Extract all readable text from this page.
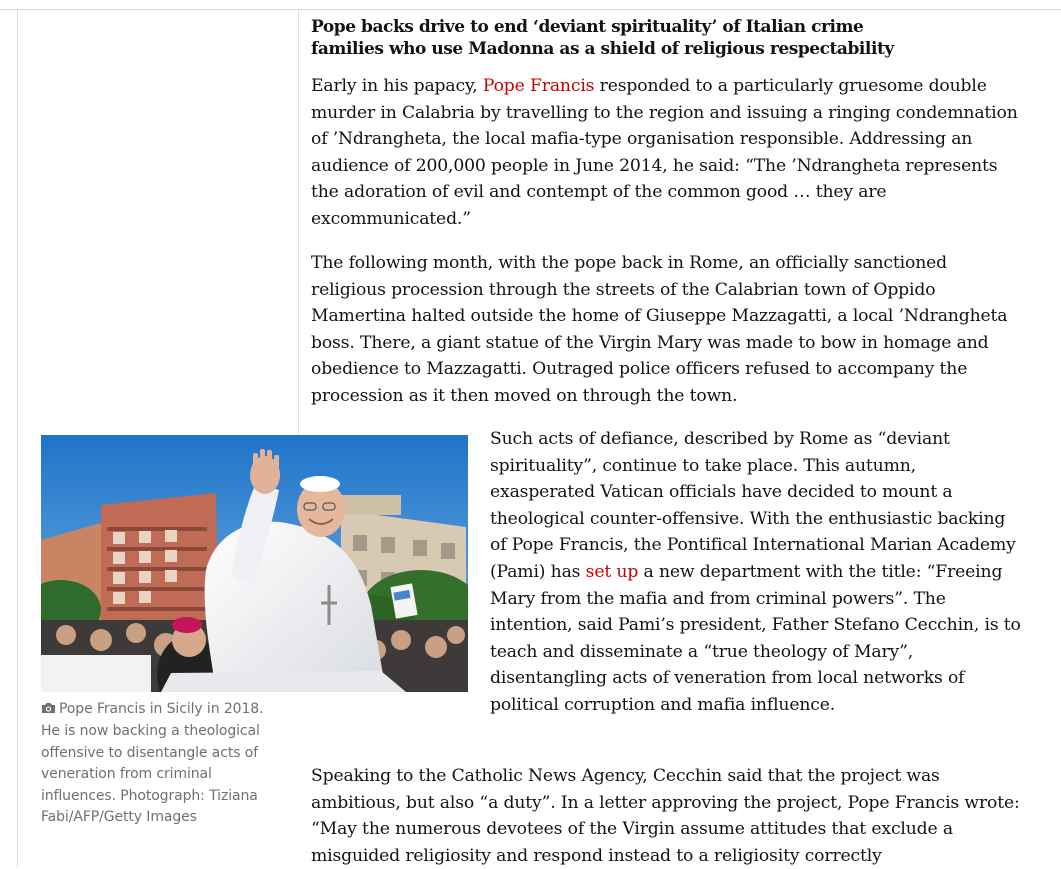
Pope backs drive to end ‘deviant spirituality’ of Italian crime families who use Madonna as a shield of religious respectability

Early in his papacy, Pope Francis responded to a particularly gruesome double murder in Calabria by travelling to the region and issuing a ringing condemnation of ’Ndrangheta, the local mafia-type organisation responsible. Addressing an audience of 200,000 people in June 2014, he said: “The ’Ndrangheta represents the adoration of evil and contempt of the common good … they are excommunicated.”

The following month, with the pope back in Rome, an officially sanctioned religious procession through the streets of the Calabrian town of Oppido Mamertina halted outside the home of Giuseppe Mazzagatti, a local ’Ndrangheta boss. There, a giant statue of the Virgin Mary was made to bow in homage and obedience to Mazzagatti. Outraged police officers refused to accompany the procession as it then moved on through the town.

Such acts of defiance, described by Rome as “deviant spirituality”, continue to take place. This autumn, exasperated Vatican officials have decided to mount a theological counter-offensive. With the enthusiastic backing of Pope Francis, the Pontifical International Marian Academy (Pami) has set up a new department with the title: “Freeing Mary from the mafia and from criminal powers”. The intention, said Pami’s president, Father Stefano Cecchin, is to teach and disseminate a “true theology of Mary”, disentangling acts of veneration from local networks of political corruption and mafia influence.

Pope Francis in Sicily in 2018. He is now backing a theological offensive to disentangle acts of veneration from criminal influences. Photograph: Tiziana Fabi/AFP/Getty Images

Speaking to the Catholic News Agency, Cecchin said that the project was ambitious, but also “a duty”. In a letter approving the project, Pope Francis wrote: “May the numerous devotees of the Virgin assume attitudes that exclude a misguided religiosity and respond instead to a religiosity correctly
